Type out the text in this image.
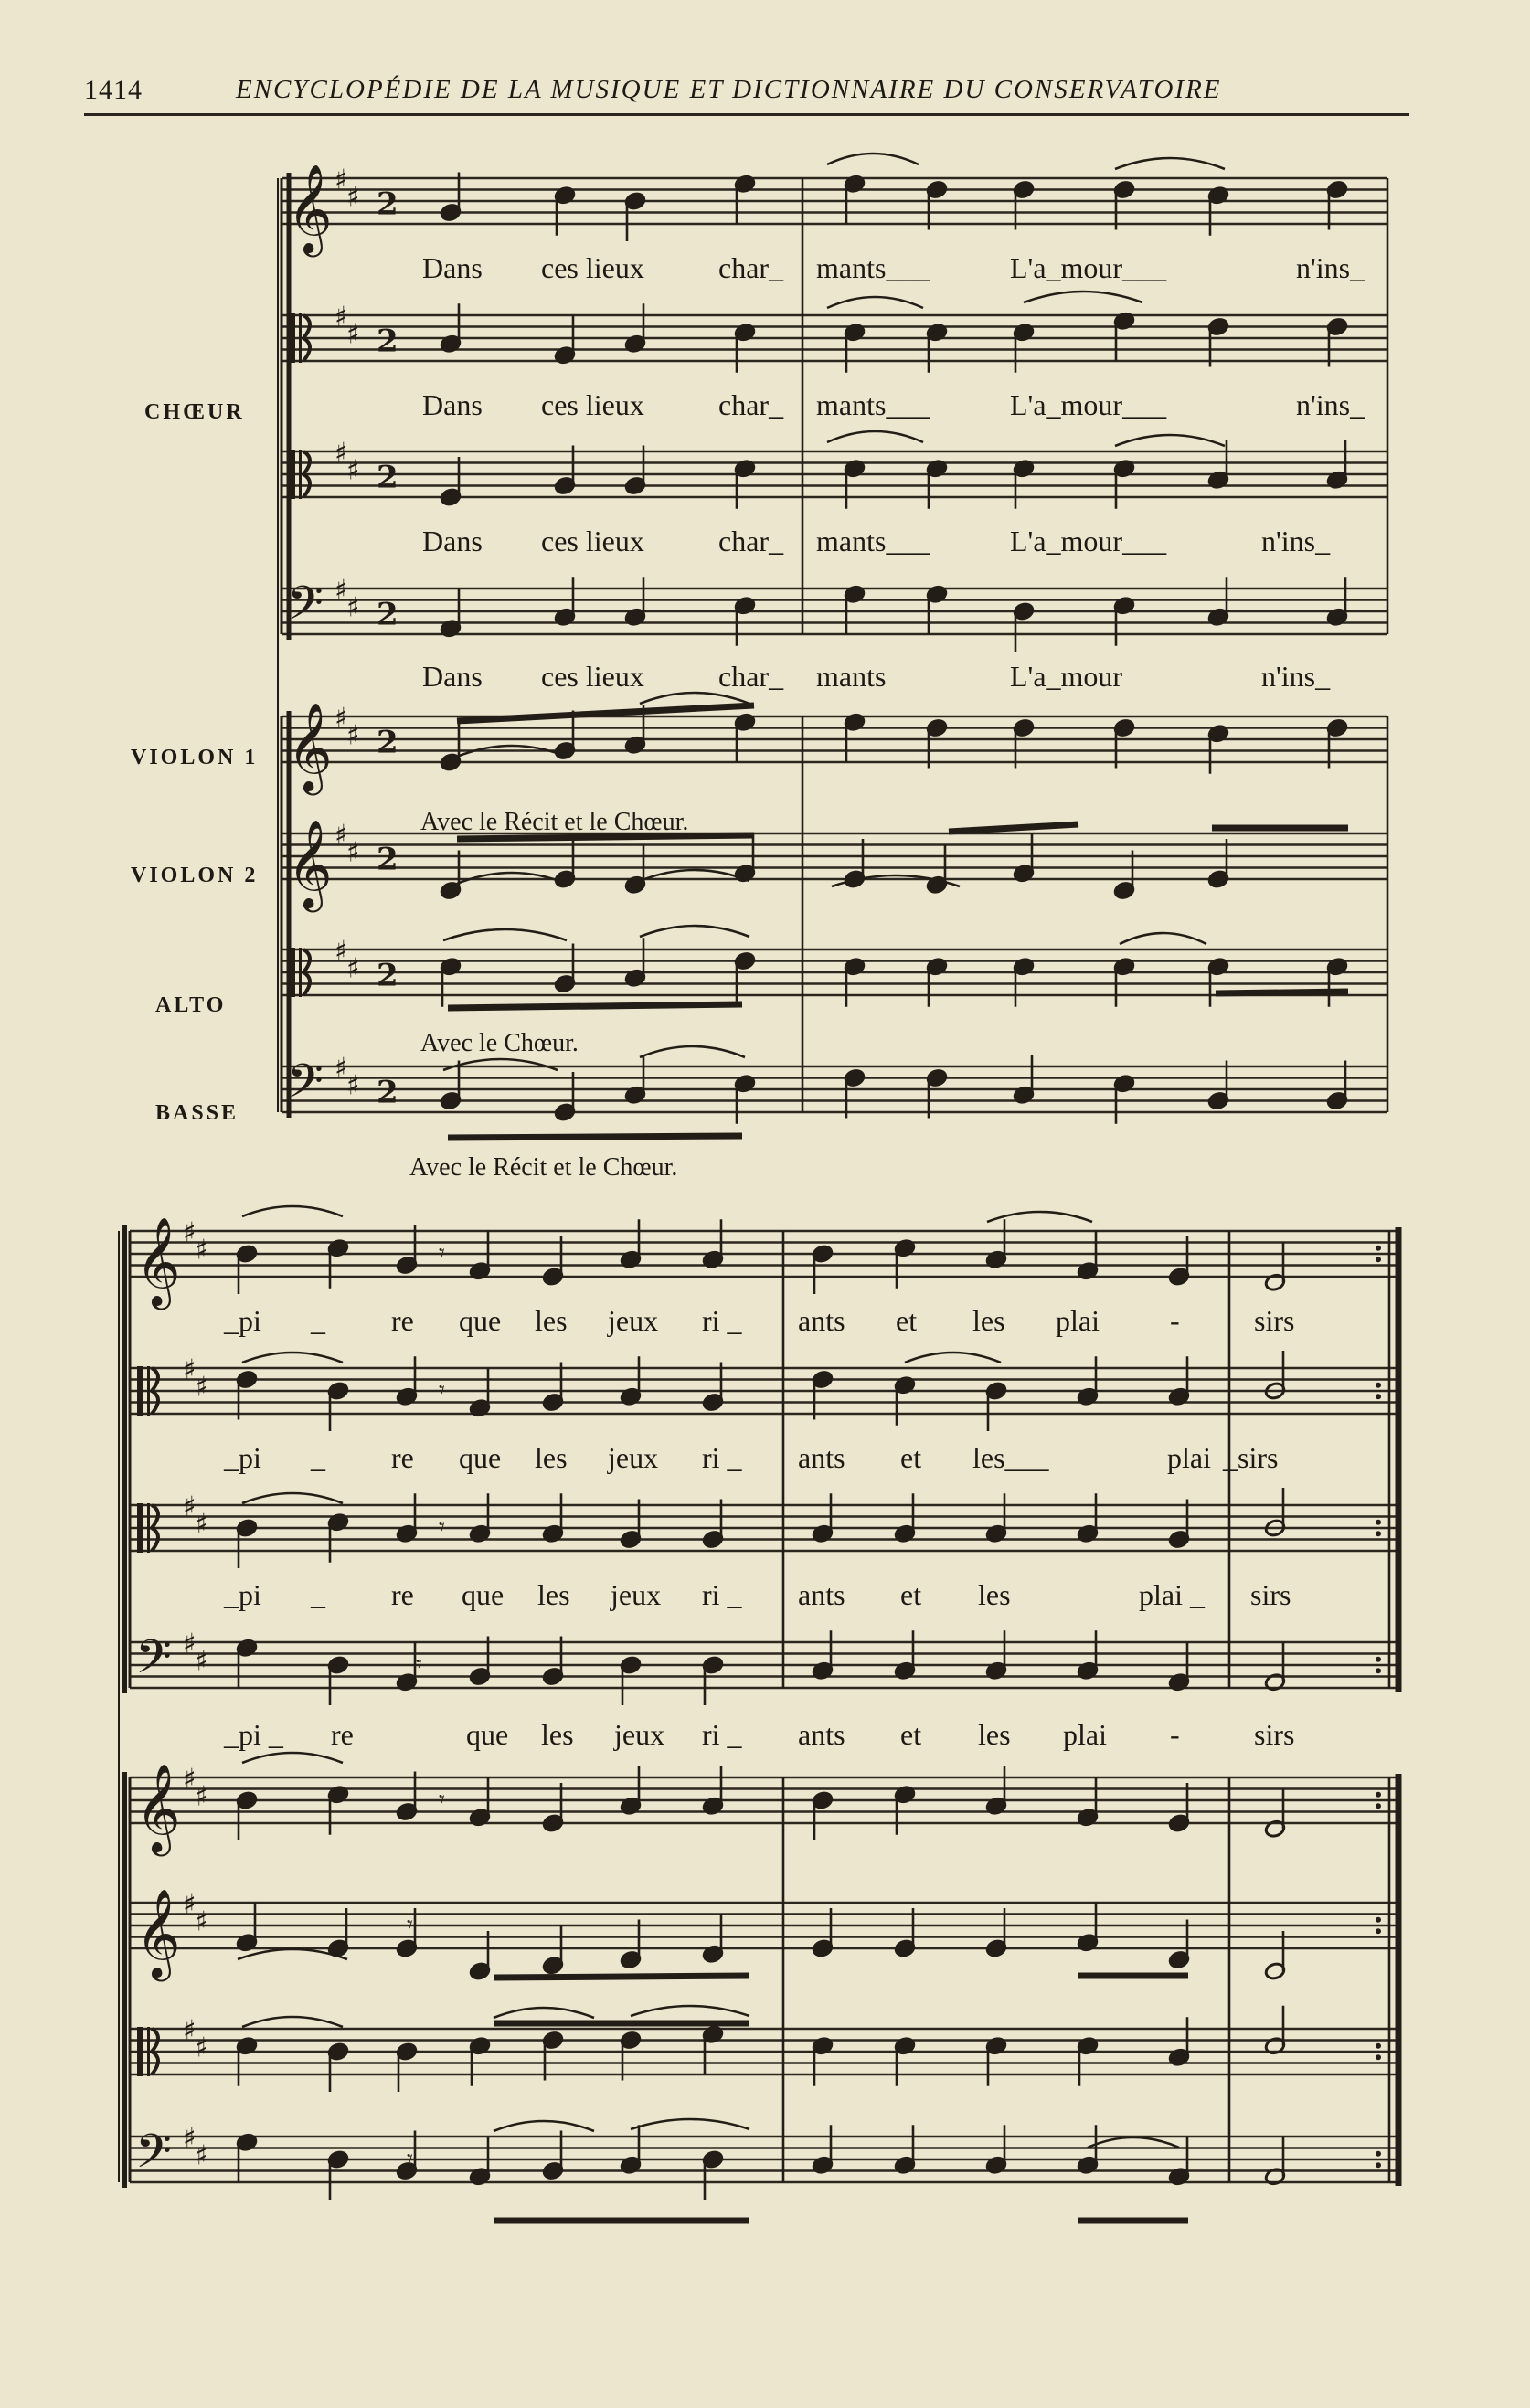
1414	ENCYCLOPÉDIE DE LA MUSIQUE ET DICTIONNAIRE DU CONSERVATOIRE
𝄞 ♯
♯ 2
♯
♯ 2
♯
♯ 2
𝄢 ♯
♯ 2
𝄞 ♯
♯ 2
𝄞 ♯
♯ 2
♯
♯ 2
𝄢 ♯
♯ 2
𝄞 ♯
♯
♯
♯
♯
♯
𝄢 ♯
♯
𝄞 ♯
♯
𝄞 ♯
♯
♯
♯
𝄢 ♯
♯
𝄾
𝄾
𝄾
𝄾
𝄾
𝄾
𝄾
𝄾
CHŒUR
VIOLON 1
VIOLON 2
ALTO
BASSE
Avec le Récit et le Chœur.
Avec le Chœur.
Avec le Récit et le Chœur.
Dans ces lieux	char_ mants___	L'a_mour___	n'ins_
Dans ces lieux	char_ mants___	L'a_mour___	n'ins_
Dans ces lieux	char_ mants___	L'a_mour___	n'ins_
Dans ces lieux	char_ mants	L'a_mour	n'ins_
_pi _ re que les jeux ri _ ants et les plai -	sirs
_pi _ re que les jeux ri _ ants et les___	plai _sirs
_pi _ re que les jeux ri _ ants et les	plai _ sirs
_pi _ re	que les jeux ri _ ants et les plai -	sirs
